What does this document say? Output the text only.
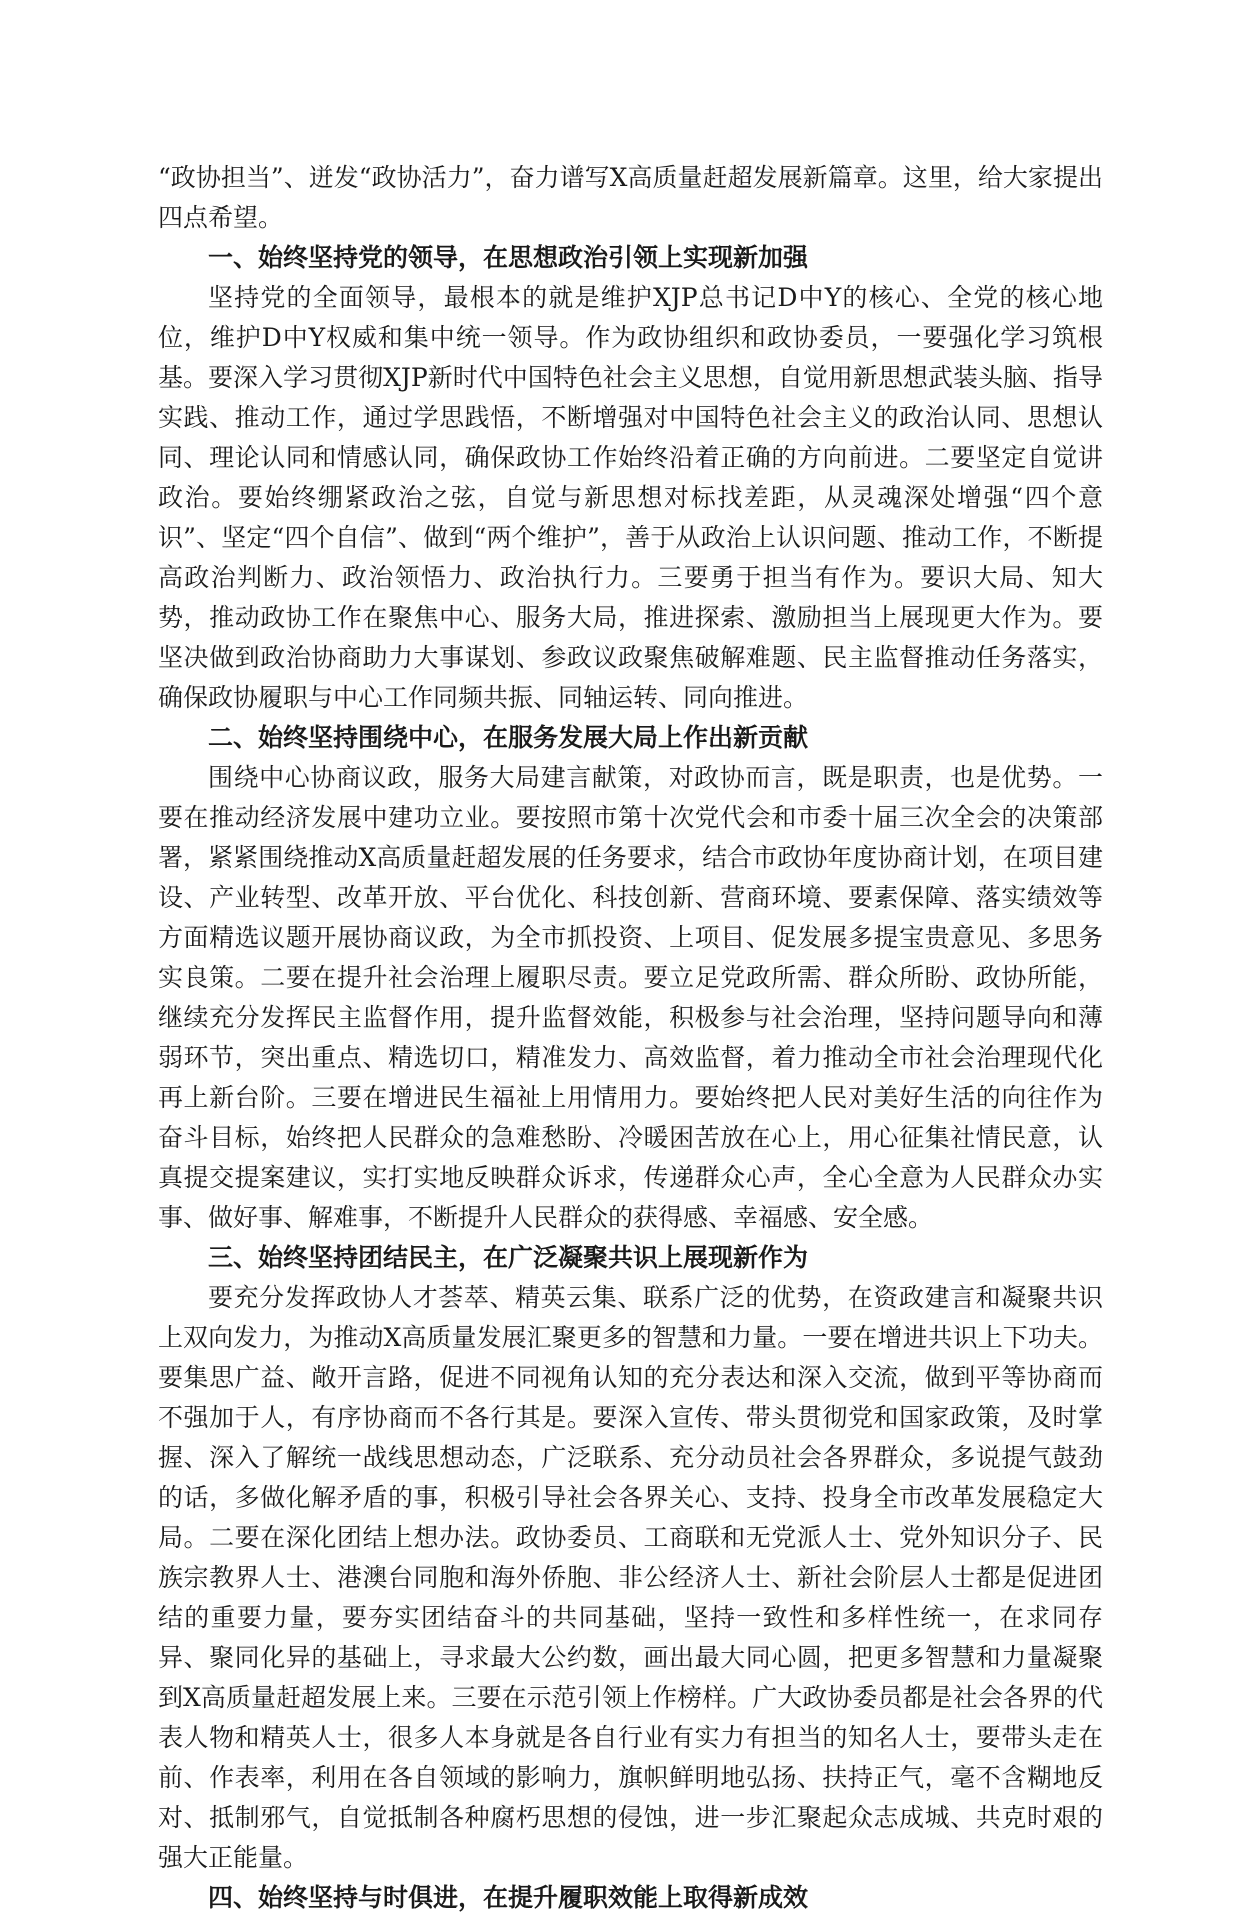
“政协担当”、迸发“政协活力”，奋力谱写X高质量赶超发展新篇章。这里，给大家提出四点希望。

一、始终坚持党的领导，在思想政治引领上实现新加强

坚持党的全面领导，最根本的就是维护XJP总书记D中Y的核心、全党的核心地位，维护D中Y权威和集中统一领导。作为政协组织和政协委员，一要强化学习筑根基。要深入学习贯彻XJP新时代中国特色社会主义思想，自觉用新思想武装头脑、指导实践、推动工作，通过学思践悟，不断增强对中国特色社会主义的政治认同、思想认同、理论认同和情感认同，确保政协工作始终沿着正确的方向前进。二要坚定自觉讲政治。要始终绷紧政治之弦，自觉与新思想对标找差距，从灵魂深处增强“四个意识”、坚定“四个自信”、做到“两个维护”，善于从政治上认识问题、推动工作，不断提高政治判断力、政治领悟力、政治执行力。三要勇于担当有作为。要识大局、知大势，推动政协工作在聚焦中心、服务大局，推进探索、激励担当上展现更大作为。要坚决做到政治协商助力大事谋划、参政议政聚焦破解难题、民主监督推动任务落实，确保政协履职与中心工作同频共振、同轴运转、同向推进。

二、始终坚持围绕中心，在服务发展大局上作出新贡献

围绕中心协商议政，服务大局建言献策，对政协而言，既是职责，也是优势。一要在推动经济发展中建功立业。要按照市第十次党代会和市委十届三次全会的决策部署，紧紧围绕推动X高质量赶超发展的任务要求，结合市政协年度协商计划，在项目建设、产业转型、改革开放、平台优化、科技创新、营商环境、要素保障、落实绩效等方面精选议题开展协商议政，为全市抓投资、上项目、促发展多提宝贵意见、多思务实良策。二要在提升社会治理上履职尽责。要立足党政所需、群众所盼、政协所能，继续充分发挥民主监督作用，提升监督效能，积极参与社会治理，坚持问题导向和薄弱环节，突出重点、精选切口，精准发力、高效监督，着力推动全市社会治理现代化再上新台阶。三要在增进民生福祉上用情用力。要始终把人民对美好生活的向往作为奋斗目标，始终把人民群众的急难愁盼、冷暖困苦放在心上，用心征集社情民意，认真提交提案建议，实打实地反映群众诉求，传递群众心声，全心全意为人民群众办实事、做好事、解难事，不断提升人民群众的获得感、幸福感、安全感。

三、始终坚持团结民主，在广泛凝聚共识上展现新作为

要充分发挥政协人才荟萃、精英云集、联系广泛的优势，在资政建言和凝聚共识上双向发力，为推动X高质量发展汇聚更多的智慧和力量。一要在增进共识上下功夫。要集思广益、敞开言路，促进不同视角认知的充分表达和深入交流，做到平等协商而不强加于人，有序协商而不各行其是。要深入宣传、带头贯彻党和国家政策，及时掌握、深入了解统一战线思想动态，广泛联系、充分动员社会各界群众，多说提气鼓劲的话，多做化解矛盾的事，积极引导社会各界关心、支持、投身全市改革发展稳定大局。二要在深化团结上想办法。政协委员、工商联和无党派人士、党外知识分子、民族宗教界人士、港澳台同胞和海外侨胞、非公经济人士、新社会阶层人士都是促进团结的重要力量，要夯实团结奋斗的共同基础，坚持一致性和多样性统一，在求同存异、聚同化异的基础上，寻求最大公约数，画出最大同心圆，把更多智慧和力量凝聚到X高质量赶超发展上来。三要在示范引领上作榜样。广大政协委员都是社会各界的代表人物和精英人士，很多人本身就是各自行业有实力有担当的知名人士，要带头走在前、作表率，利用在各自领域的影响力，旗帜鲜明地弘扬、扶持正气，毫不含糊地反对、抵制邪气，自觉抵制各种腐朽思想的侵蚀，进一步汇聚起众志成城、共克时艰的强大正能量。

四、始终坚持与时俱进，在提升履职效能上取得新成效
